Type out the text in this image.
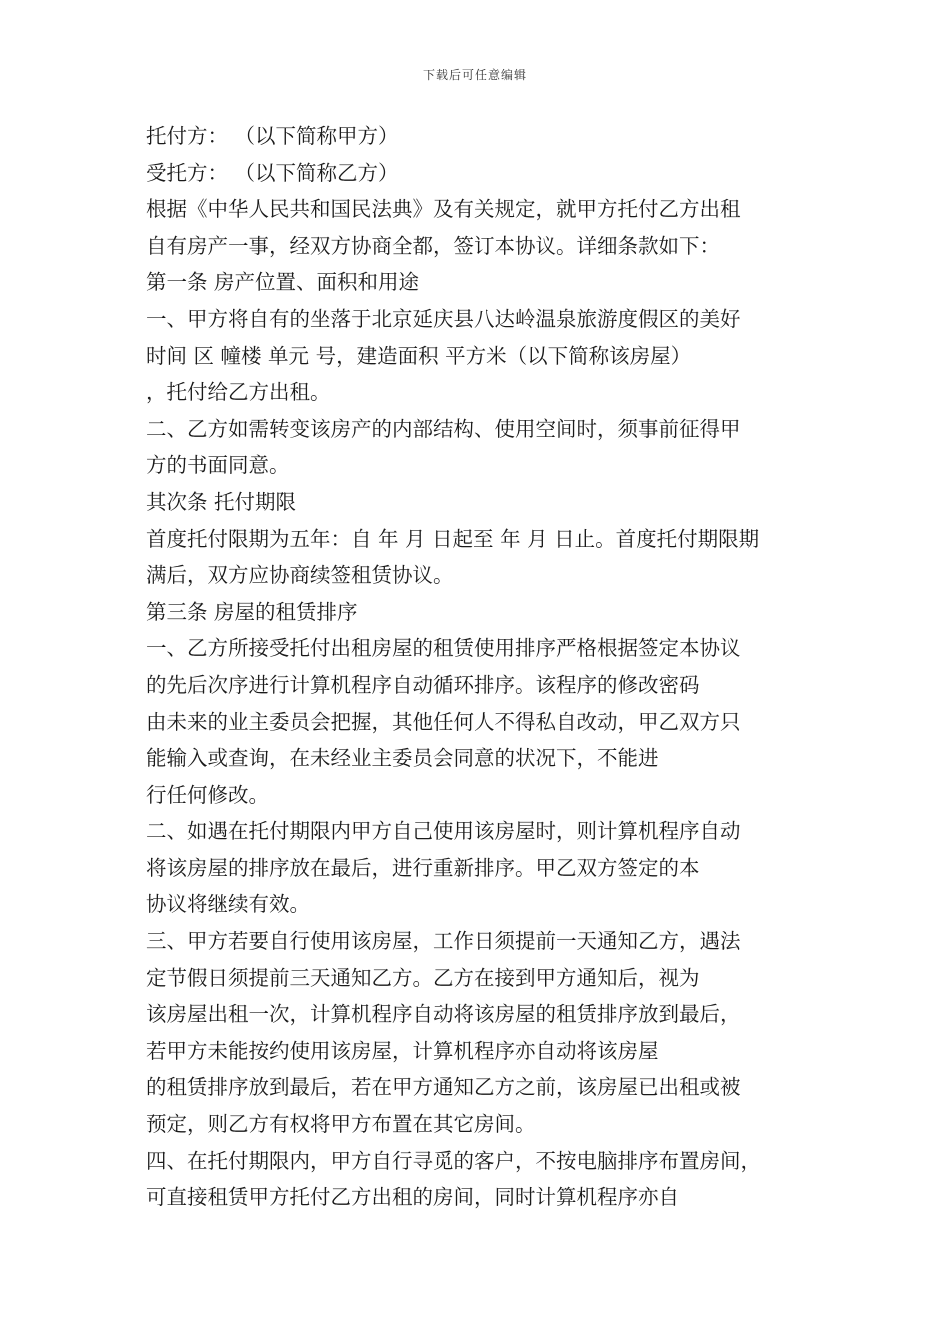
下载后可任意编辑
托付方： （以下简称甲方）
受托方： （以下简称乙方）
根据《中华人民共和国民法典》及有关规定，就甲方托付乙方出租
自有房产一事，经双方协商全都，签订本协议。详细条款如下：
第一条 房产位置、面积和用途
一、甲方将自有的坐落于北京延庆县八达岭温泉旅游度假区的美好
时间 区 幢楼 单元 号，建造面积 平方米（以下简称该房屋）
，托付给乙方出租。
二、乙方如需转变该房产的内部结构、使用空间时，须事前征得甲
方的书面同意。
其次条 托付期限
首度托付限期为五年：自 年 月 日起至 年 月 日止。首度托付期限期
满后，双方应协商续签租赁协议。
第三条 房屋的租赁排序
一、乙方所接受托付出租房屋的租赁使用排序严格根据签定本协议
的先后次序进行计算机程序自动循环排序。该程序的修改密码
由未来的业主委员会把握，其他任何人不得私自改动，甲乙双方只
能输入或查询，在未经业主委员会同意的状况下，不能进
行任何修改。
二、如遇在托付期限内甲方自己使用该房屋时，则计算机程序自动
将该房屋的排序放在最后，进行重新排序。甲乙双方签定的本
协议将继续有效。
三、甲方若要自行使用该房屋，工作日须提前一天通知乙方，遇法
定节假日须提前三天通知乙方。乙方在接到甲方通知后，视为
该房屋出租一次，计算机程序自动将该房屋的租赁排序放到最后，
若甲方未能按约使用该房屋，计算机程序亦自动将该房屋
的租赁排序放到最后，若在甲方通知乙方之前，该房屋已出租或被
预定，则乙方有权将甲方布置在其它房间。
四、在托付期限内，甲方自行寻觅的客户，不按电脑排序布置房间，
可直接租赁甲方托付乙方出租的房间，同时计算机程序亦自
